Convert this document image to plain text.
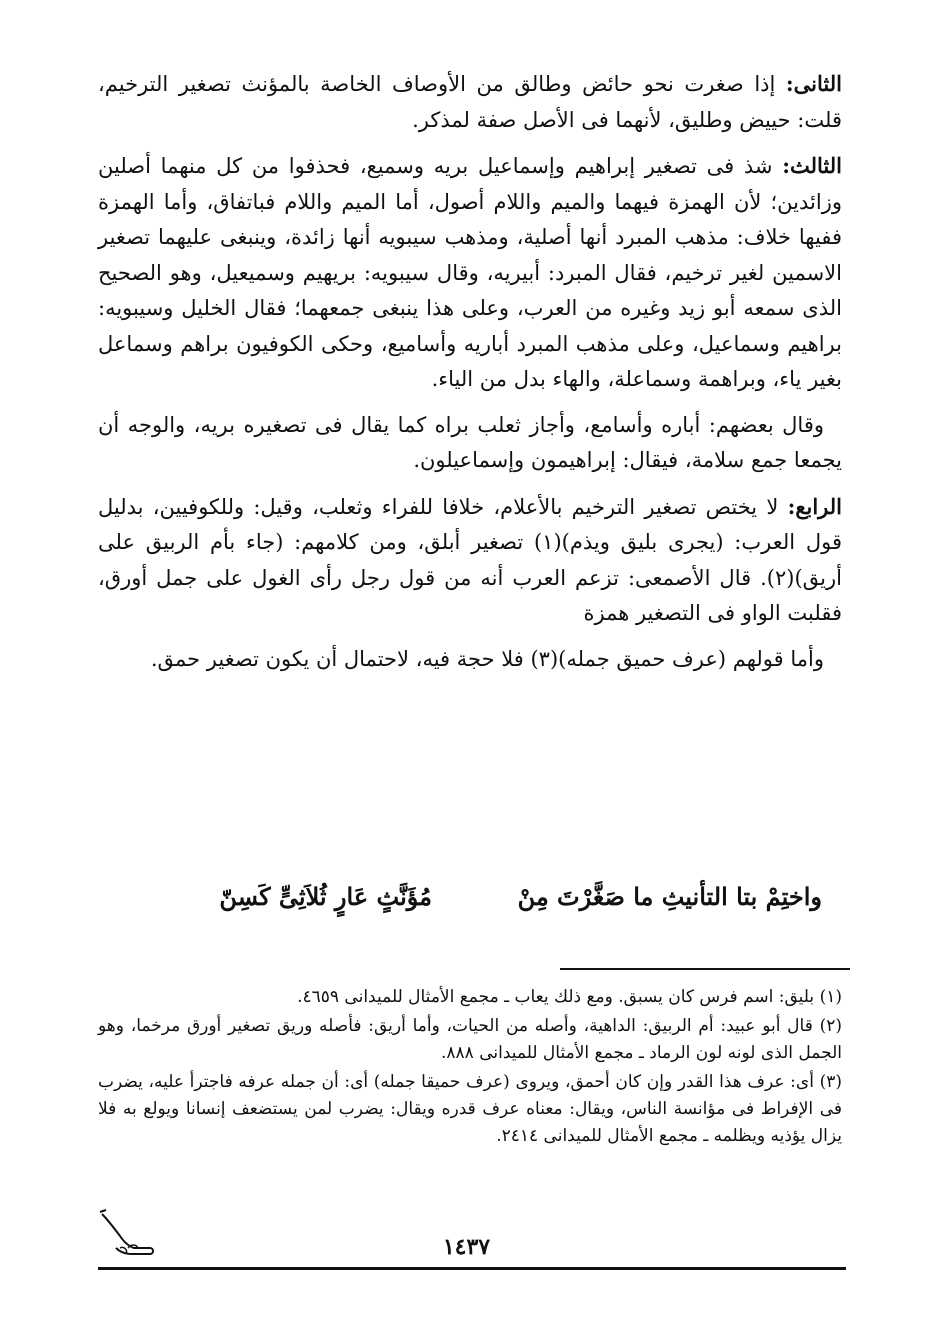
الثانى: إذا صغرت نحو حائض وطالق من الأوصاف الخاصة بالمؤنث تصغير الترخيم، قلت: حييض وطليق، لأنهما فى الأصل صفة لمذكر.

الثالث: شذ فى تصغير إبراهيم وإسماعيل بريه وسميع، فحذفوا من كل منهما أصلين وزائدين؛ لأن الهمزة فيهما والميم واللام أصول، أما الميم واللام فباتفاق، وأما الهمزة ففيها خلاف: مذهب المبرد أنها أصلية، ومذهب سيبويه أنها زائدة، وينبغى عليهما تصغير الاسمين لغير ترخيم، فقال المبرد: أبيريه، وقال سيبويه: بريهيم وسميعيل، وهو الصحيح الذى سمعه أبو زيد وغيره من العرب، وعلى هذا ينبغى جمعهما؛ فقال الخليل وسيبويه: براهيم وسماعيل، وعلى مذهب المبرد أباريه وأساميع، وحكى الكوفيون براهم وسماعل بغير ياء، وبراهمة وسماعلة، والهاء بدل من الياء.

وقال بعضهم: أباره وأسامع، وأجاز ثعلب براه كما يقال فى تصغيره بريه، والوجه أن يجمعا جمع سلامة، فيقال: إبراهيمون وإسماعيلون.

الرابع: لا يختص تصغير الترخيم بالأعلام، خلافا للفراء وثعلب، وقيل: وللكوفيين، بدليل قول العرب: (يجرى بليق ويذم)(١) تصغير أبلق، ومن كلامهم: (جاء بأم الربيق على أريق)(٢). قال الأصمعى: تزعم العرب أنه من قول رجل رأى الغول على جمل أورق، فقلبت الواو فى التصغير همزة

وأما قولهم (عرف حميق جمله)(٣) فلا حجة فيه، لاحتمال أن يكون تصغير حمق.

واختِمْ بتا التأنيثِ ما صَغَّرْتَ مِنْ
مُؤَنَّثٍ عَارٍ ثُلاَثِىٍّ كَسِنّ

(١) بليق: اسم فرس كان يسبق. ومع ذلك يعاب ـ مجمع الأمثال للميدانى ٤٦٥٩.

(٢) قال أبو عبيد: أم الربيق: الداهية، وأصله من الحيات، وأما أريق: فأصله وريق تصغير أورق مرخما، وهو الجمل الذى لونه لون الرماد ـ مجمع الأمثال للميدانى ٨٨٨.

(٣) أى: عرف هذا القدر وإن كان أحمق، ويروى (عرف حميقا جمله) أى: أن جمله عرفه فاجترأ عليه، يضرب فى الإفراط فى مؤانسة الناس، ويقال: معناه عرف قدره ويقال: يضرب لمن يستضعف إنسانا ويولع به فلا يزال يؤذيه ويظلمه ـ مجمع الأمثال للميدانى ٢٤١٤.

١٤٣٧
